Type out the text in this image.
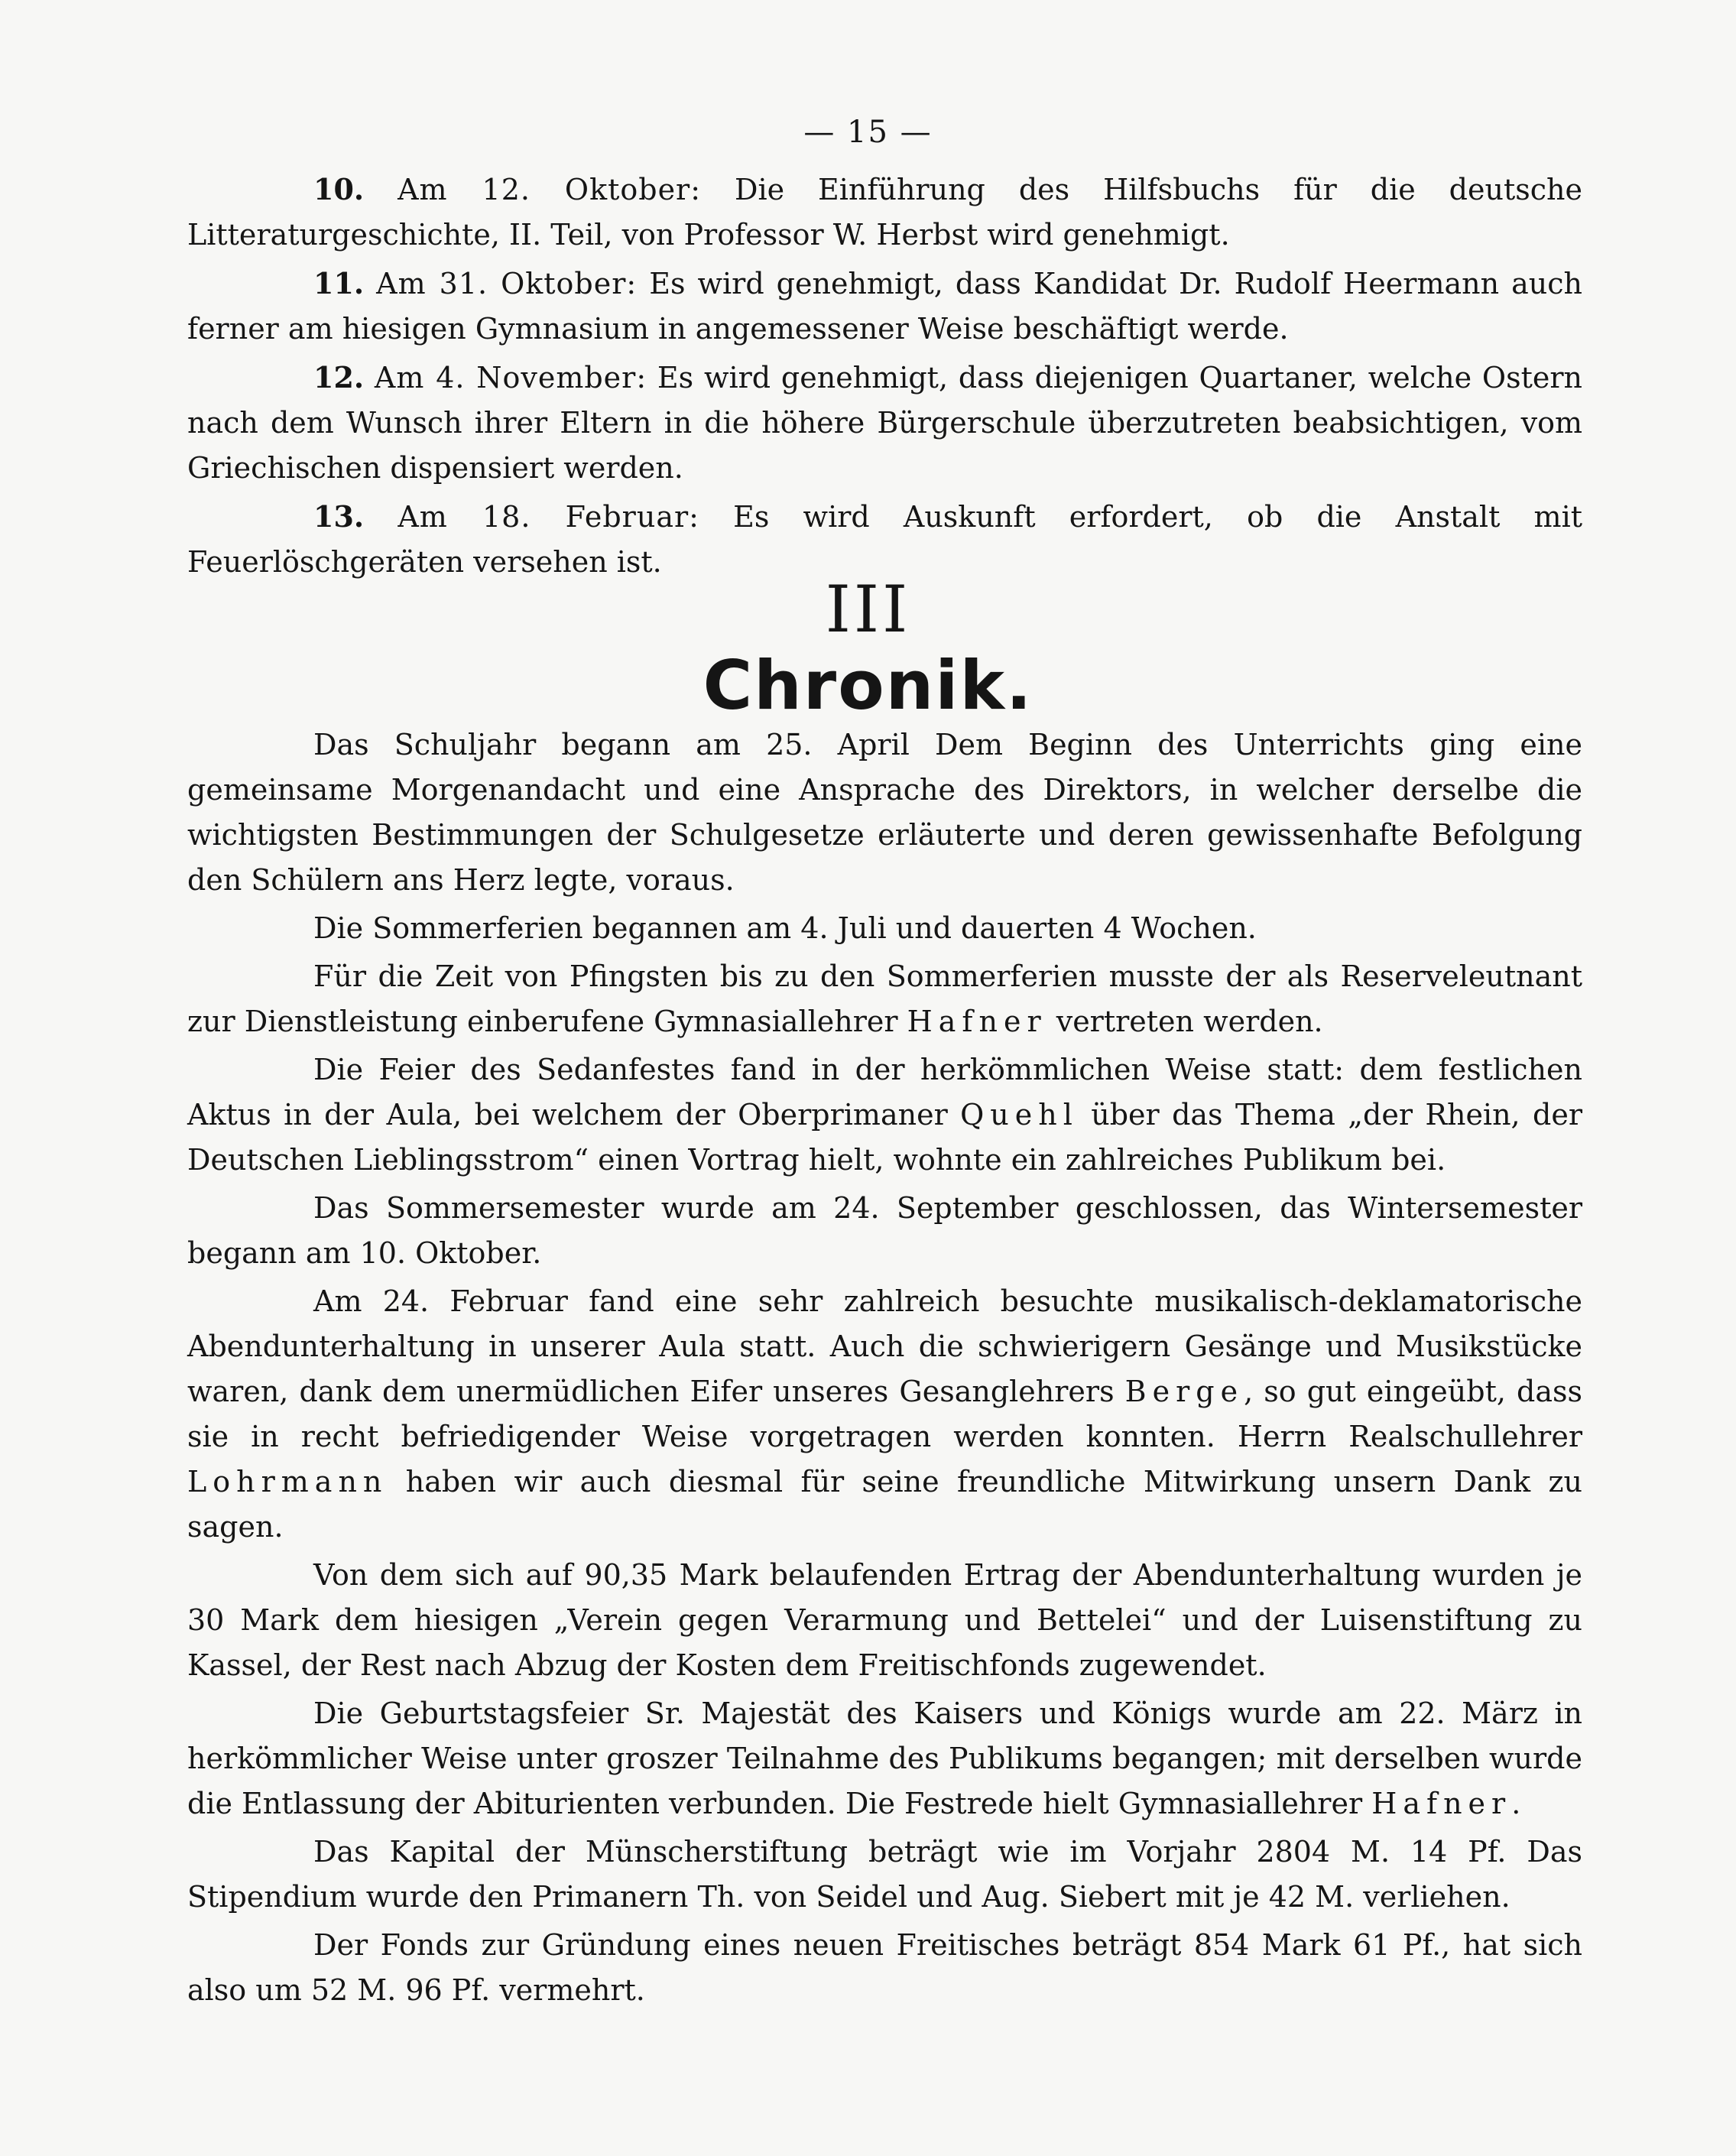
— 15 —

10. Am 12. Oktober: Die Einführung des Hilfsbuchs für die deutsche Litteraturgeschichte, II. Teil, von Professor W. Herbst wird genehmigt.

11. Am 31. Oktober: Es wird genehmigt, dass Kandidat Dr. Rudolf Heermann auch ferner am hiesigen Gymnasium in angemessener Weise beschäftigt werde.

12. Am 4. November: Es wird genehmigt, dass diejenigen Quartaner, welche Ostern nach dem Wunsch ihrer Eltern in die höhere Bürgerschule überzutreten beabsichtigen, vom Griechischen dispensiert werden.

13. Am 18. Februar: Es wird Auskunft erfordert, ob die Anstalt mit Feuerlöschgeräten versehen ist.

III
Chronik.

Das Schuljahr begann am 25. April Dem Beginn des Unterrichts ging eine gemeinsame Morgenandacht und eine Ansprache des Direktors, in welcher derselbe die wichtigsten Bestimmungen der Schulgesetze erläuterte und deren gewissenhafte Befolgung den Schülern ans Herz legte, voraus.

Die Sommerferien begannen am 4. Juli und dauerten 4 Wochen.

Für die Zeit von Pfingsten bis zu den Sommerferien musste der als Reserveleutnant zur Dienstleistung einberufene Gymnasiallehrer Hafner vertreten werden.

Die Feier des Sedanfestes fand in der herkömmlichen Weise statt: dem festlichen Aktus in der Aula, bei welchem der Oberprimaner Quehl über das Thema „der Rhein, der Deutschen Lieblingsstrom“ einen Vortrag hielt, wohnte ein zahlreiches Publikum bei.

Das Sommersemester wurde am 24. September geschlossen, das Wintersemester begann am 10. Oktober.

Am 24. Februar fand eine sehr zahlreich besuchte musikalisch-deklamatorische Abendunterhaltung in unserer Aula statt. Auch die schwierigern Gesänge und Musikstücke waren, dank dem unermüdlichen Eifer unseres Gesanglehrers Berge, so gut eingeübt, dass sie in recht befriedigender Weise vorgetragen werden konnten. Herrn Realschullehrer Lohrmann haben wir auch diesmal für seine freundliche Mitwirkung unsern Dank zu sagen.

Von dem sich auf 90,35 Mark belaufenden Ertrag der Abendunterhaltung wurden je 30 Mark dem hiesigen „Verein gegen Verarmung und Bettelei“ und der Luisenstiftung zu Kassel, der Rest nach Abzug der Kosten dem Freitischfonds zugewendet.

Die Geburtstagsfeier Sr. Majestät des Kaisers und Königs wurde am 22. März in herkömmlicher Weise unter groszer Teilnahme des Publikums begangen; mit derselben wurde die Entlassung der Abiturienten verbunden. Die Festrede hielt Gymnasiallehrer Hafner.

Das Kapital der Münscherstiftung beträgt wie im Vorjahr 2804 M. 14 Pf. Das Stipendium wurde den Primanern Th. von Seidel und Aug. Siebert mit je 42 M. verliehen.

Der Fonds zur Gründung eines neuen Freitisches beträgt 854 Mark 61 Pf., hat sich also um 52 M. 96 Pf. vermehrt.
